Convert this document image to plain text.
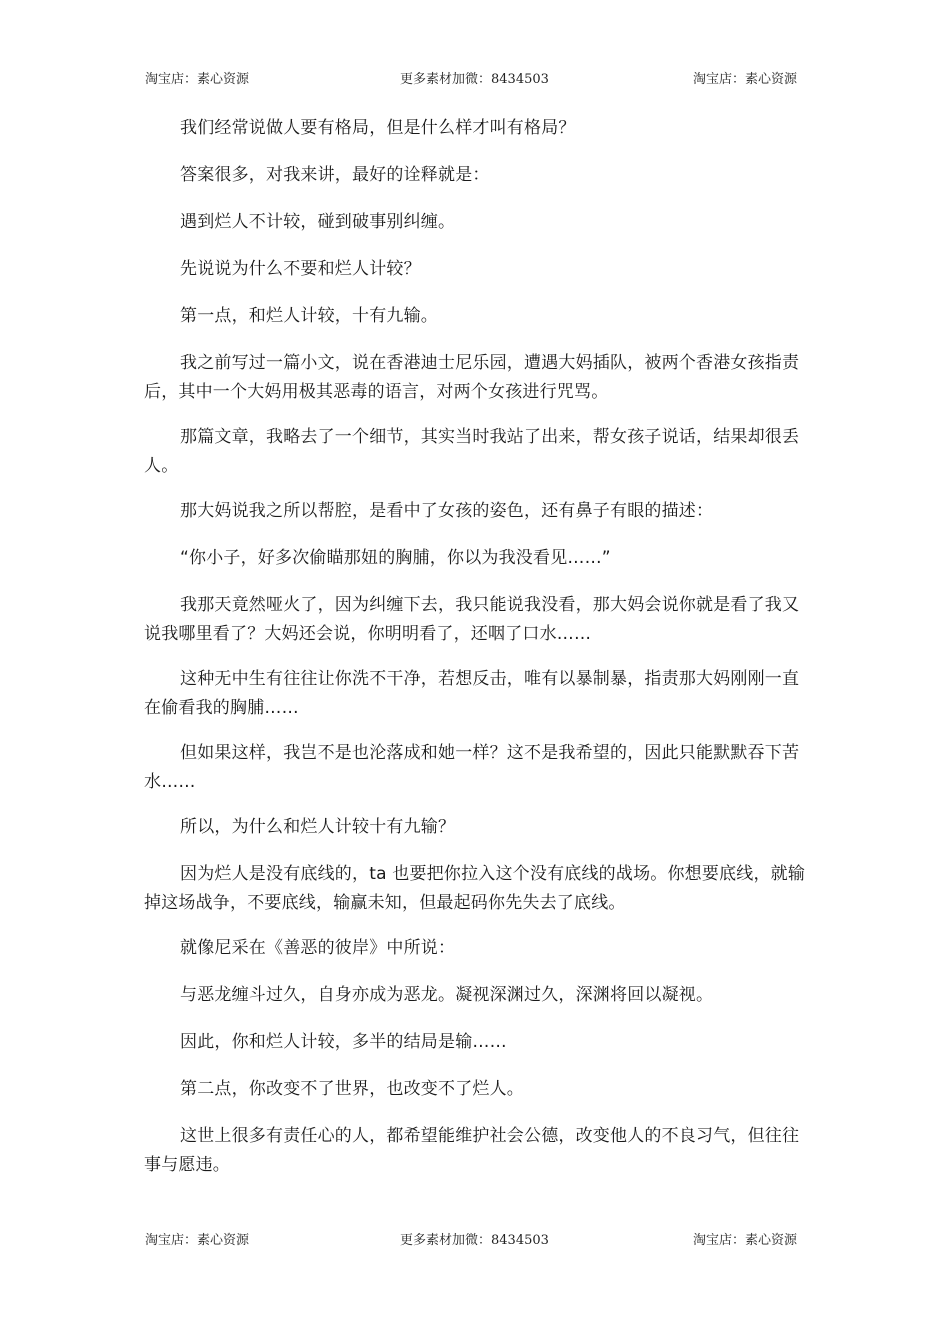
淘宝店：素心资源	更多素材加微：8434503	淘宝店：素心资源

我们经常说做人要有格局，但是什么样才叫有格局？

答案很多，对我来讲，最好的诠释就是：

遇到烂人不计较，碰到破事别纠缠。

先说说为什么不要和烂人计较？

第一点，和烂人计较，十有九输。

我之前写过一篇小文，说在香港迪士尼乐园，遭遇大妈插队，被两个香港女孩指责后，其中一个大妈用极其恶毒的语言，对两个女孩进行咒骂。

那篇文章，我略去了一个细节，其实当时我站了出来，帮女孩子说话，结果却很丢人。

那大妈说我之所以帮腔，是看中了女孩的姿色，还有鼻子有眼的描述：

“你小子，好多次偷瞄那妞的胸脯，你以为我没看见……”

我那天竟然哑火了，因为纠缠下去，我只能说我没看，那大妈会说你就是看了我又说我哪里看了？大妈还会说，你明明看了，还咽了口水……

这种无中生有往往让你洗不干净，若想反击，唯有以暴制暴，指责那大妈刚刚一直在偷看我的胸脯……

但如果这样，我岂不是也沦落成和她一样？这不是我希望的，因此只能默默吞下苦水……

所以，为什么和烂人计较十有九输？

因为烂人是没有底线的，ta 也要把你拉入这个没有底线的战场。你想要底线，就输掉这场战争，不要底线，输赢未知，但最起码你先失去了底线。

就像尼采在《善恶的彼岸》中所说：

与恶龙缠斗过久，自身亦成为恶龙。凝视深渊过久，深渊将回以凝视。

因此，你和烂人计较，多半的结局是输……

第二点，你改变不了世界，也改变不了烂人。

这世上很多有责任心的人，都希望能维护社会公德，改变他人的不良习气，但往往事与愿违。

淘宝店：素心资源	更多素材加微：8434503	淘宝店：素心资源
